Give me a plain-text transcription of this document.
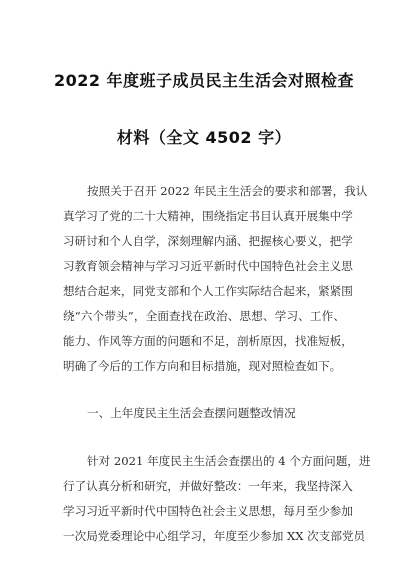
2022 年度班子成员民主生活会对照检查
材料（全文 4502 字）
按照关于召开 2022 年民主生活会的要求和部署，我认
真学习了党的二十大精神，围绕指定书目认真开展集中学
习研讨和个人自学，深刻理解内涵、把握核心要义，把学
习教育领会精神与学习习近平新时代中国特色社会主义思
想结合起来，同党支部和个人工作实际结合起来，紧紧围
绕“六个带头”，全面查找在政治、思想、学习、工作、
能力、作风等方面的问题和不足，剖析原因，找准短板，
明确了今后的工作方向和目标措施，现对照检查如下。
一、上年度民主生活会查摆问题整改情况
针对 2021 年度民主生活会查摆出的 4 个方面问题，进
行了认真分析和研究，并做好整改：一年来，我坚持深入
学习习近平新时代中国特色社会主义思想，每月至少参加
一次局党委理论中心组学习，年度至少参加 XX 次支部党员
